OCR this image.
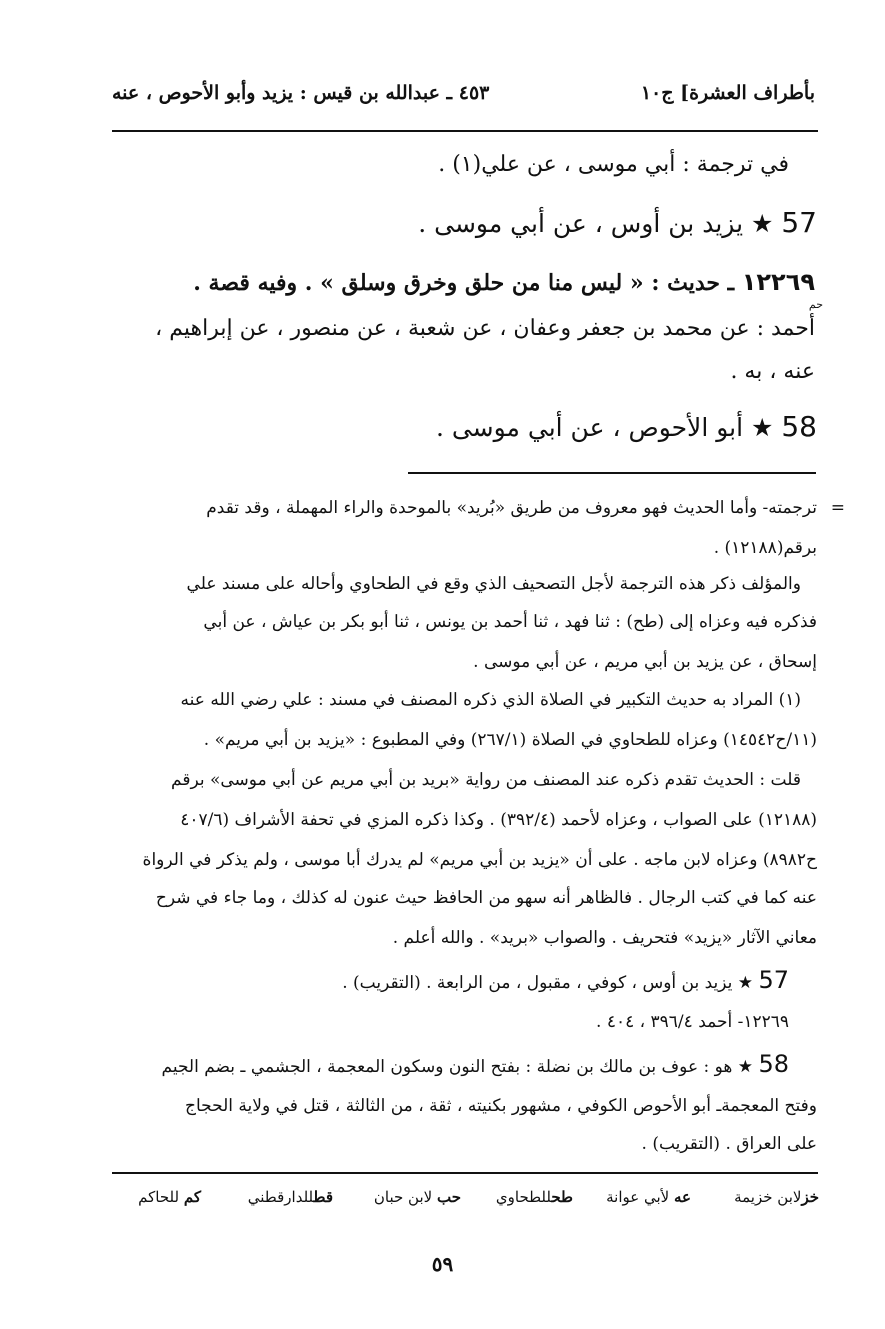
بأطراف العشرة] ج١٠
٤٥٣ ـ عبدالله بن قيس : يزيد وأبو الأحوص ، عنه
في ترجمة : أبي موسى ، عن علي(١) .
57 ★ يزيد بن أوس ، عن أبي موسى .
١٢٢٦٩ ـ حديث : « ليس منا من حلق وخرق وسلق » . وفيه قصة .
حم
أحمد : عن محمد بن جعفر وعفان ، عن شعبة ، عن منصور ، عن إبراهيم ،
عنه ، به .
58 ★ أبو الأحوص ، عن أبي موسى .
=
ترجمته- وأما الحديث فهو معروف من طريق «بُريد» بالموحدة والراء المهملة ، وقد تقدم
برقم(١٢١٨٨) .
والمؤلف ذكر هذه الترجمة لأجل التصحيف الذي وقع في الطحاوي وأحاله على مسند علي
فذكره فيه وعزاه إلى (طح) : ثنا فهد ، ثنا أحمد بن يونس ، ثنا أبو بكر بن عياش ، عن أبي
إسحاق ، عن يزيد بن أبي مريم ، عن أبي موسى .
(١) المراد به حديث التكبير في الصلاة الذي ذكره المصنف في مسند : علي رضي الله عنه
(١١/ح١٤٥٤٢) وعزاه للطحاوي في الصلاة (٢٦٧/١) وفي المطبوع : «يزيد بن أبي مريم» .
قلت : الحديث تقدم ذكره عند المصنف من رواية «بريد بن أبي مريم عن أبي موسى» برقم
(١٢١٨٨) على الصواب ، وعزاه لأحمد (٣٩٢/٤) . وكذا ذكره المزي في تحفة الأشراف (٤٠٧/٦
ح٨٩٨٢) وعزاه لابن ماجه . على أن «يزيد بن أبي مريم» لم يدرك أبا موسى ، ولم يذكر في الرواة
عنه كما في كتب الرجال . فالظاهر أنه سهو من الحافظ حيث عنون له كذلك ، وما جاء في شرح
معاني الآثار «يزيد» فتحريف . والصواب «بريد» . والله أعلم .
57 ★ يزيد بن أوس ، كوفي ، مقبول ، من الرابعة . (التقريب) .
١٢٢٦٩- أحمد ٣٩٦/٤ ، ٤٠٤ .
58 ★ هو : عوف بن مالك بن نضلة : بفتح النون وسكون المعجمة ، الجشمي ـ بضم الجيم
وفتح المعجمةـ أبو الأحوص الكوفي ، مشهور بكنيته ، ثقة ، من الثالثة ، قتل في ولاية الحجاج
على العراق . (التقريب) .
خزلابن خزيمة
عه لأبي عوانة
طحللطحاوي
حب لابن حبان
قطللدارقطني
كم للحاكم
٥٩
